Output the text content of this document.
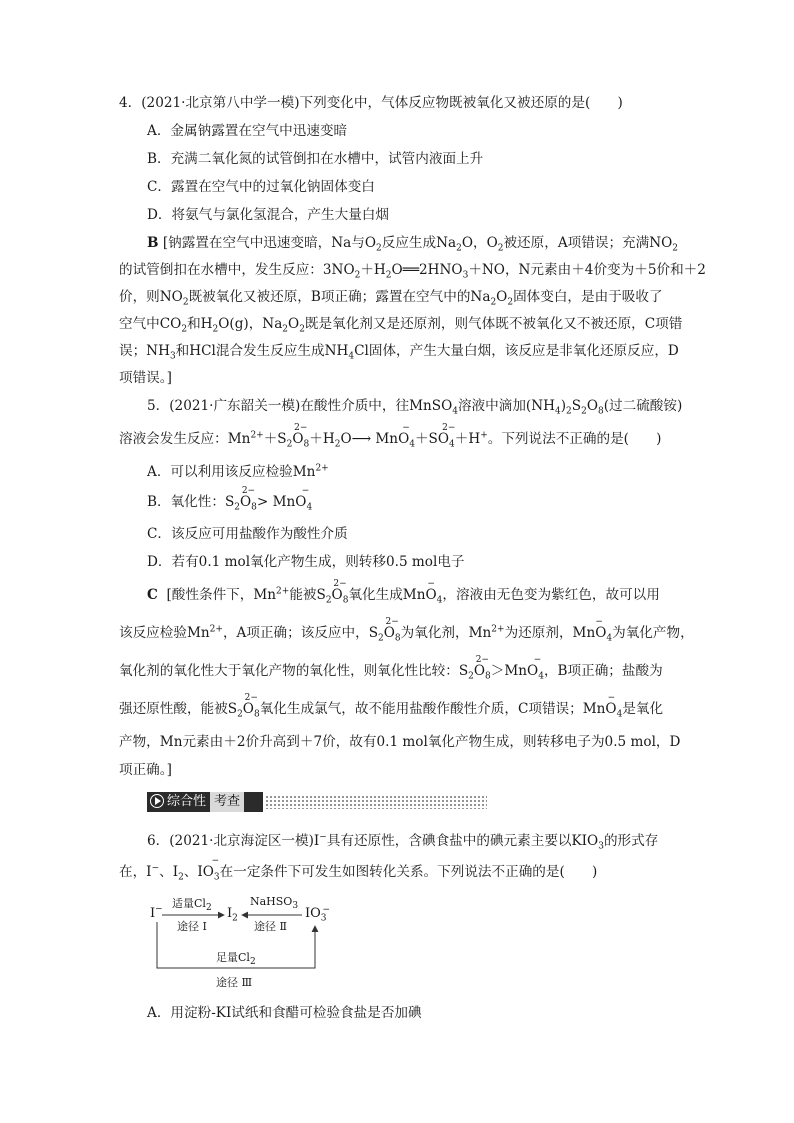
4．(2021·北京第八中学一模)下列变化中，气体反应物既被氧化又被还原的是(　　)
A．金属钠露置在空气中迅速变暗
B．充满二氧化氮的试管倒扣在水槽中，试管内液面上升
C．露置在空气中的过氧化钠固体变白
D．将氨气与氯化氢混合，产生大量白烟
B [钠露置在空气中迅速变暗，Na与$O_2$反应生成$Na_2O$，$O_2$被还原，A项错误；充满$NO_2$
的试管倒扣在水槽中，发生反应：$3NO_2+H_2O══2HNO_3+NO$，N元素由＋4价变为＋5价和＋2
价，则$NO_2$既被氧化又被还原，B项正确；露置在空气中的$Na_2O_2$固体变白，是由于吸收了
空气中$CO_2$和$H_2O(g)$，$Na_2O_2$既是氧化剂又是还原剂，则气体既不被氧化又不被还原，C项错
误；$NH_3$和HCl混合发生反应生成$NH_4Cl$固体，产生大量白烟，该反应是非氧化还原反应，D
项错误。]
5．(2021·广东韶关一模)在酸性介质中，往MnSO$_4$溶液中滴加$(NH_4)_2S_2O_8$(过二硫酸铵)
溶液会发生反应：$Mn^{2+}+S_2O_8$
2−
$+H_2O⟶$ MnO$_4$
−
$+SO_4$
2−
＋H+。下列说法不正确的是(　　)
A．可以利用该反应检验$Mn^{2+}$
B．氧化性：$S_2O_8$
2−
> MnO$_4$
−
C．该反应可用盐酸作为酸性介质
D．若有0.1 mol氧化产物生成，则转移0.5 mol电子
C [酸性条件下，$Mn^{2+}$能被$S_2O_8$
2−
氧化生成MnO$_4$
−
，溶液由无色变为紫红色，故可以用
该反应检验$Mn^{2+}$，A项正确；该反应中，$S_2O_8$
2−
为氧化剂，$Mn^{2+}$为还原剂，MnO$_4$
−
为氧化产物，
氧化剂的氧化性大于氧化产物的氧化性，则氧化性比较：$S_2O_8$
2−
＞MnO$_4$
−
，B项正确；盐酸为
强还原性酸，能被$S_2O_8$
2−
氧化生成氯气，故不能用盐酸作酸性介质，C项错误；MnO$_4$
−
是氧化
产物，Mn元素由＋2价升高到＋7价，故有0.1 mol氧化产物生成，则转移电子为0.5 mol，D
项正确。]
综合性 考查
6．(2021·北京海淀区一模)I−具有还原性，含碘食盐中的碘元素主要以$KIO_3$的形式存
在，I−、$I_2$、$IO_3$
−
在一定条件下可发生如图转化关系。下列说法不正确的是(　　)
I−	$I_2$	$IO_3^-$
适量$Cl_2$
途径 Ⅰ
NaHSO$_3$
途径 Ⅱ
足量$Cl_2$
途径 Ⅲ
A．用淀粉-KI试纸和食醋可检验食盐是否加碘
